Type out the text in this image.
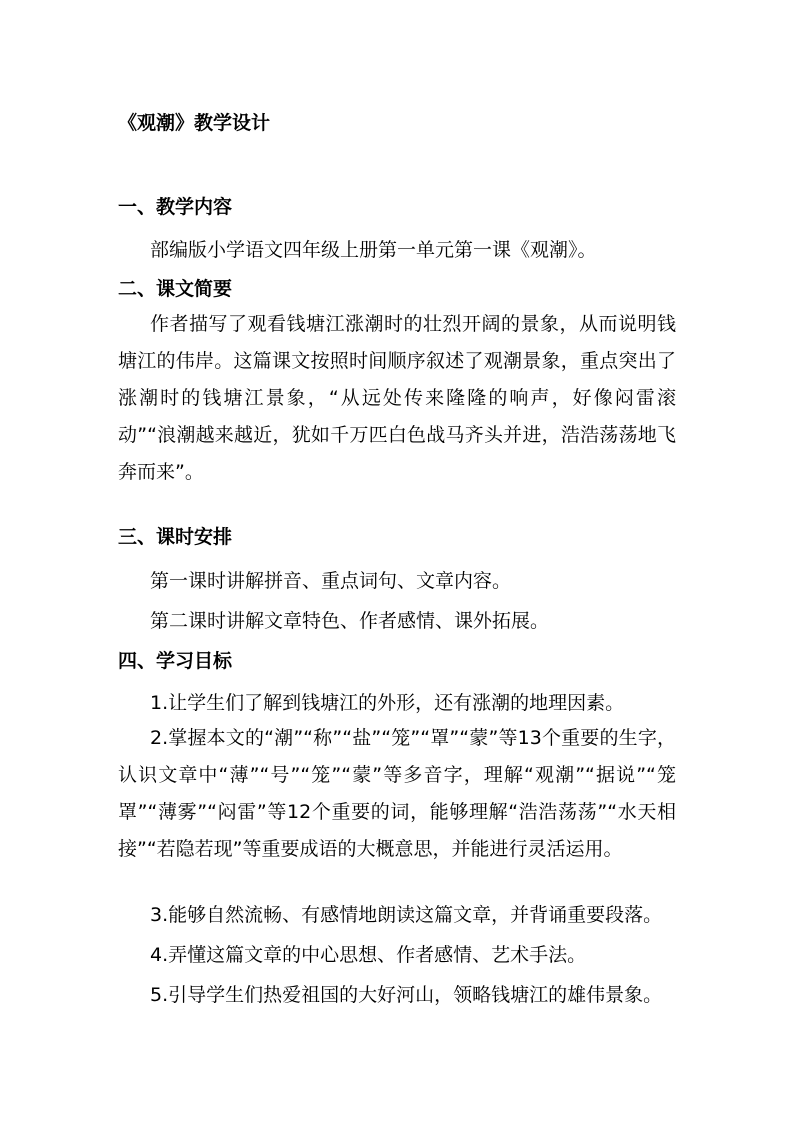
《观潮》教学设计
一、教学内容
部编版小学语文四年级上册第一单元第一课《观潮》。
二、课文简要

作者描写了观看钱塘江涨潮时的壮烈开阔的景象，从而说明钱塘江的伟岸。这篇课文按照时间顺序叙述了观潮景象，重点突出了涨潮时的钱塘江景象，“从远处传来隆隆的响声，好像闷雷滚动”“浪潮越来越近，犹如千万匹白色战马齐头并进，浩浩荡荡地飞奔而来”。

三、课时安排
第一课时讲解拼音、重点词句、文章内容。
第二课时讲解文章特色、作者感情、课外拓展。
四、学习目标
1.让学生们了解到钱塘江的外形，还有涨潮的地理因素。

2.掌握本文的“潮”“称”“盐”“笼”“罩”“蒙”等13个重要的生字，认识文章中“薄”“号”“笼”“蒙”等多音字，理解“观潮”“据说”“笼罩”“薄雾”“闷雷”等12个重要的词，能够理解“浩浩荡荡”“水天相接”“若隐若现”等重要成语的大概意思，并能进行灵活运用。

3.能够自然流畅、有感情地朗读这篇文章，并背诵重要段落。
4.弄懂这篇文章的中心思想、作者感情、艺术手法。
5.引导学生们热爱祖国的大好河山，领略钱塘江的雄伟景象。
